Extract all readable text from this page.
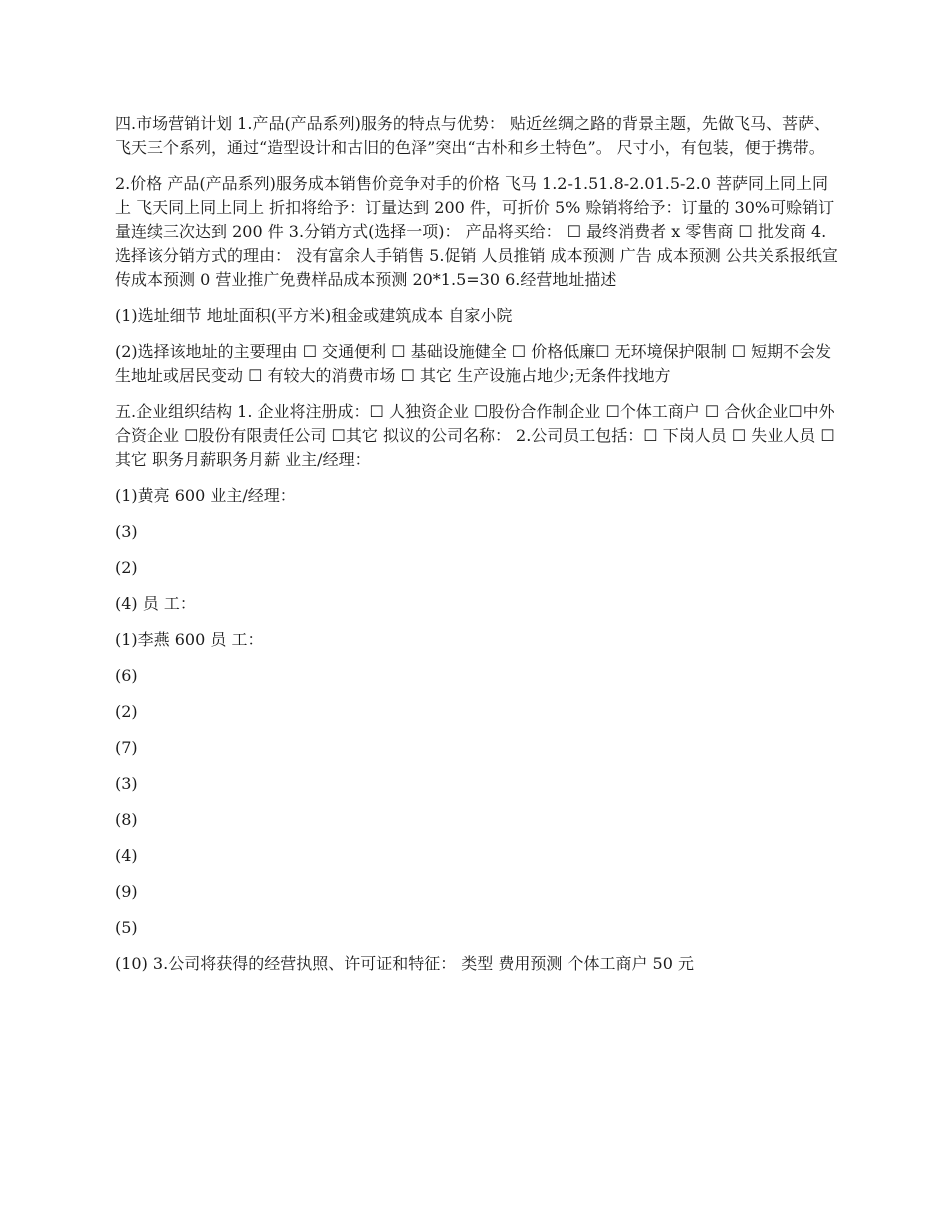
四.市场营销计划 1.产品(产品系列)服务的特点与优势： 贴近丝绸之路的背景主题，先做飞马、菩萨、飞天三个系列，通过“造型设计和古旧的色泽”突出“古朴和乡土特色”。 尺寸小，有包装，便于携带。

2.价格 产品(产品系列)服务成本销售价竞争对手的价格 飞马 1.2-1.51.8-2.01.5-2.0 菩萨同上同上同上 飞天同上同上同上 折扣将给予：订量达到 200 件，可折价 5% 赊销将给予：订量的 30%可赊销订量连续三次达到 200 件 3.分销方式(选择一项)： 产品将买给： ☐ 最终消费者 x 零售商 ☐ 批发商 4.选择该分销方式的理由： 没有富余人手销售 5.促销 人员推销 成本预测 广告 成本预测 公共关系报纸宣传成本预测 0 营业推广免费样品成本预测 20*1.5=30 6.经营地址描述

(1)选址细节 地址面积(平方米)租金或建筑成本 自家小院

(2)选择该地址的主要理由 ☐ 交通便利 ☐ 基础设施健全 ☐ 价格低廉☐ 无环境保护限制 ☐ 短期不会发生地址或居民变动 ☐ 有较大的消费市场 ☐ 其它 生产设施占地少;无条件找地方

五.企业组织结构 1. 企业将注册成：☐ 人独资企业 ☐股份合作制企业 ☐个体工商户 ☐ 合伙企业☐中外合资企业 ☐股份有限责任公司 ☐其它 拟议的公司名称： 2.公司员工包括：☐ 下岗人员 ☐ 失业人员 ☐其它 职务月薪职务月薪 业主/经理：

(1)黄亮 600 业主/经理：

(3)

(2)

(4) 员 工：

(1)李燕 600 员 工：

(6)

(2)

(7)

(3)

(8)

(4)

(9)

(5)

(10) 3.公司将获得的经营执照、许可证和特征： 类型 费用预测 个体工商户 50 元
